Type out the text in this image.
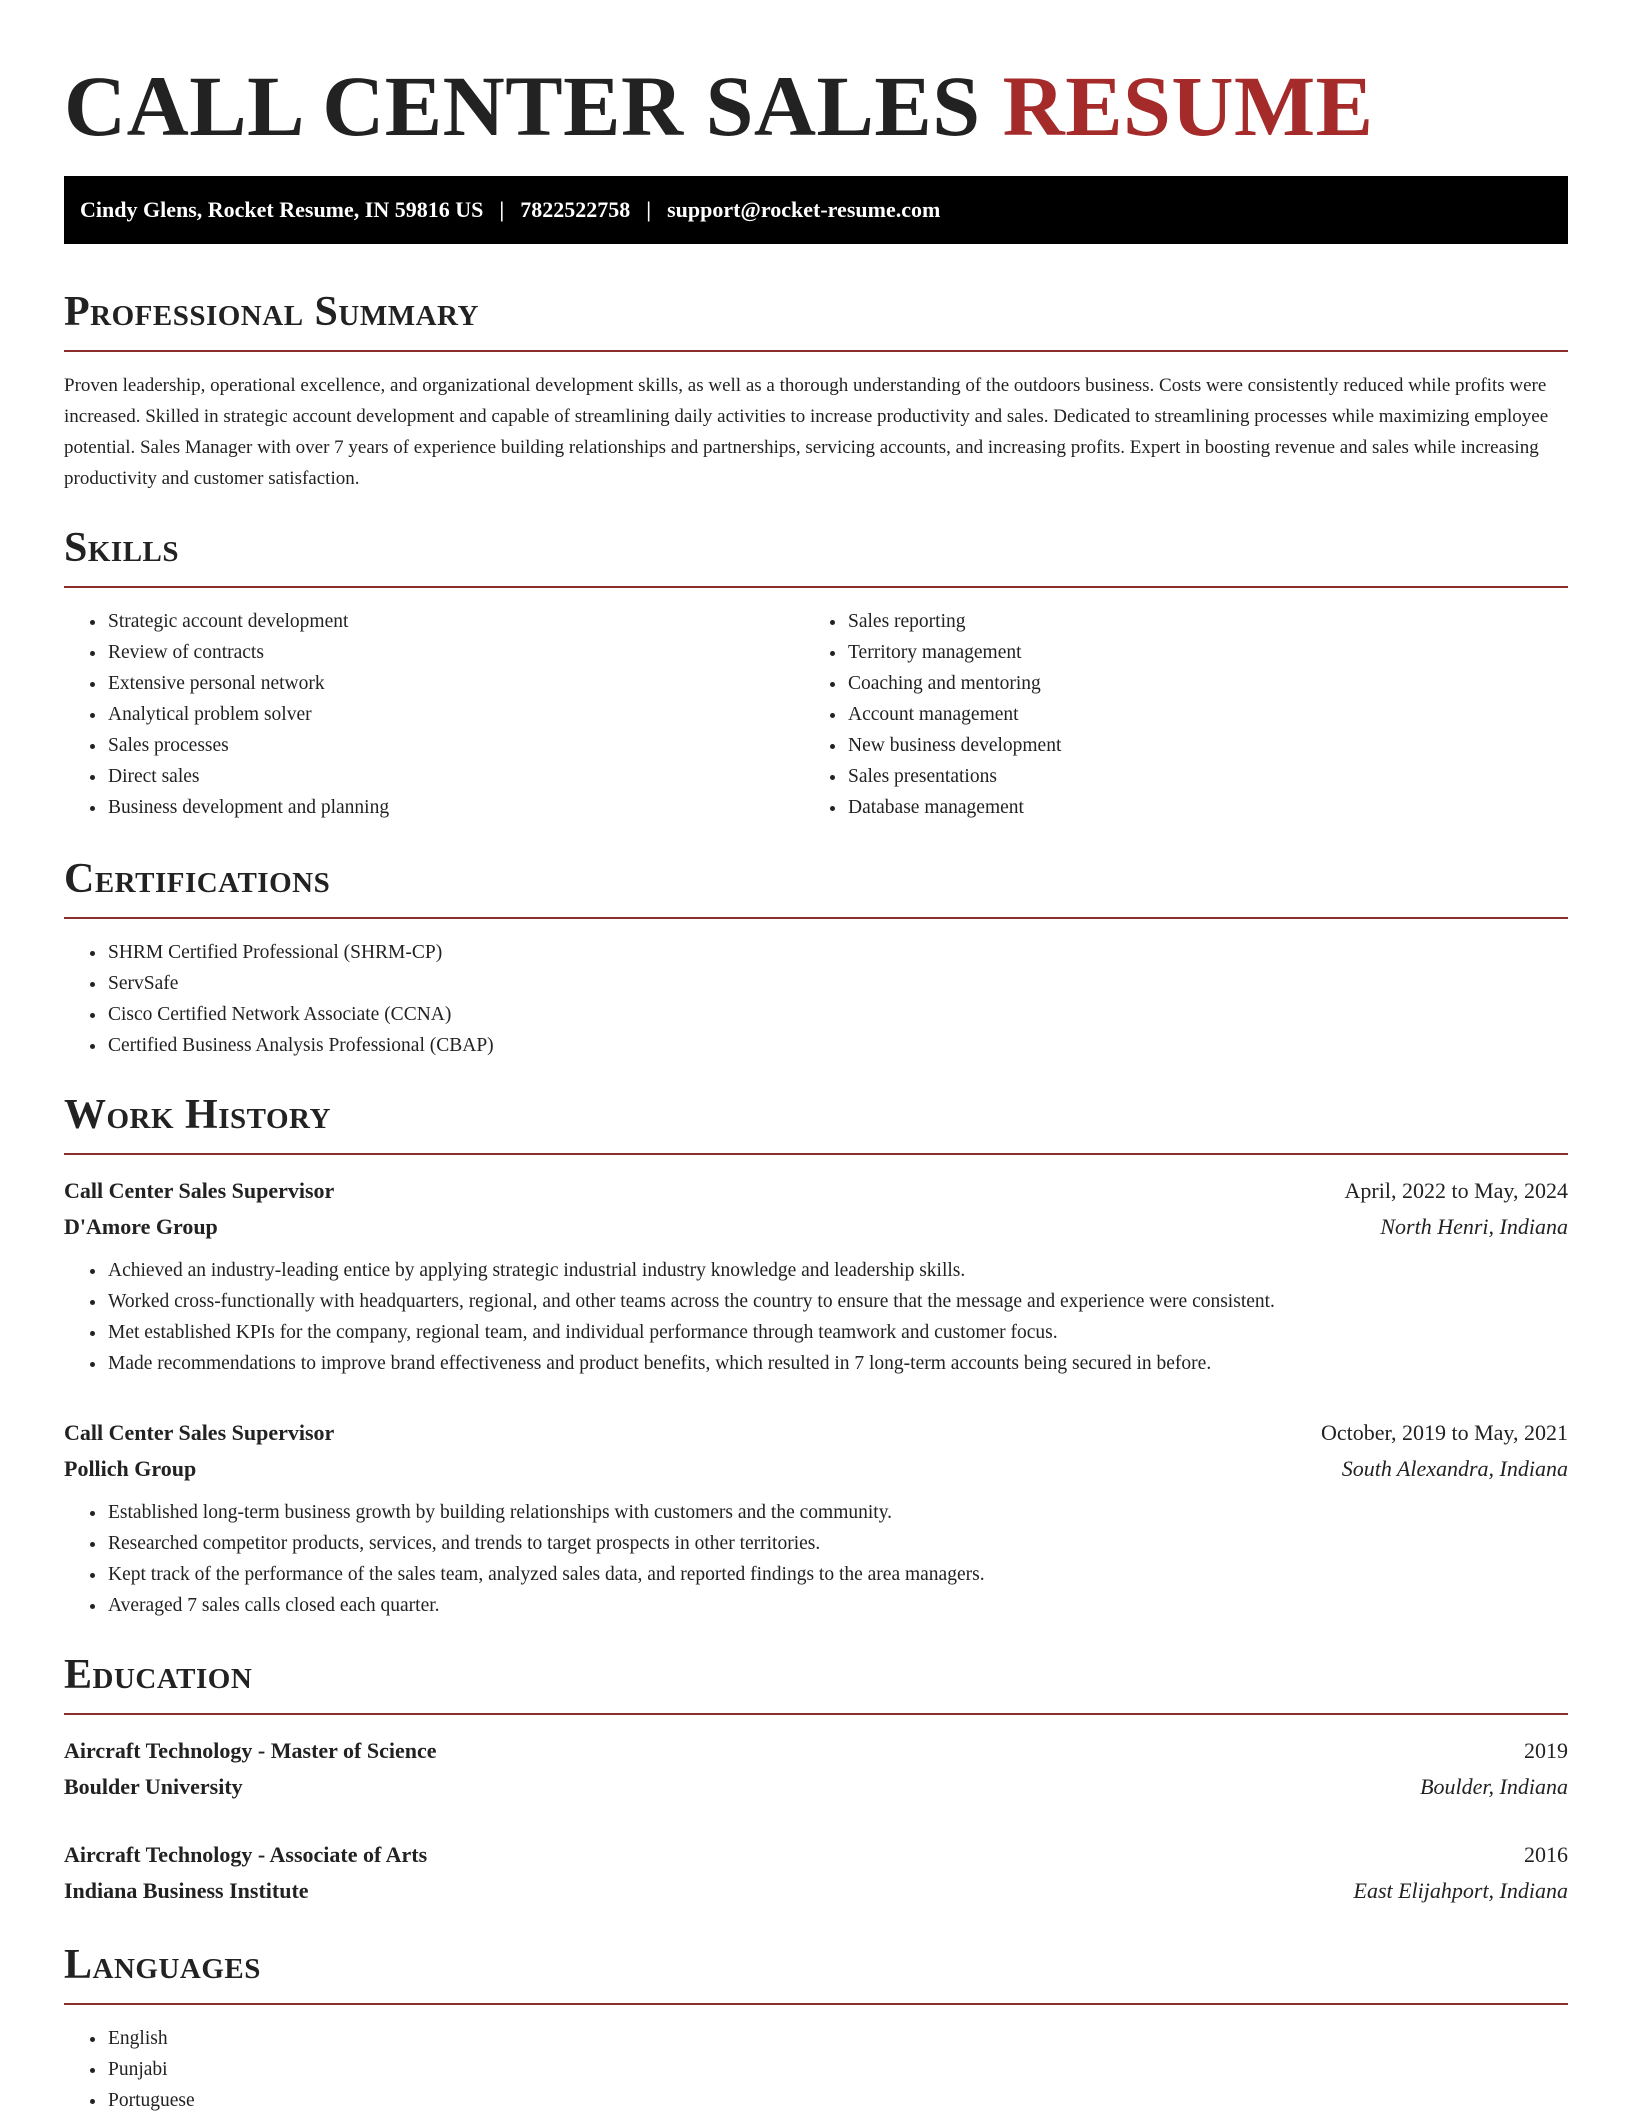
CALL CENTER SALES RESUME
Cindy Glens, Rocket Resume, IN 59816 US | 7822522758 | support@rocket-resume.com
Professional Summary

Proven leadership, operational excellence, and organizational development skills, as well as a thorough understanding of the outdoors business. Costs were consistently reduced while profits were increased. Skilled in strategic account development and capable of streamlining daily activities to increase productivity and sales. Dedicated to streamlining processes while maximizing employee potential. Sales Manager with over 7 years of experience building relationships and partnerships, servicing accounts, and increasing profits. Expert in boosting revenue and sales while increasing productivity and customer satisfaction.

Skills
• Strategic account development
• Review of contracts
• Extensive personal network
• Analytical problem solver
• Sales processes
• Direct sales
• Business development and planning
• Sales reporting
• Territory management
• Coaching and mentoring
• Account management
• New business development
• Sales presentations
• Database management
Certifications
• SHRM Certified Professional (SHRM-CP)
• ServSafe
• Cisco Certified Network Associate (CCNA)
• Certified Business Analysis Professional (CBAP)
Work History
Call Center Sales Supervisor	April, 2022 to May, 2024
D'Amore Group	North Henri, Indiana
• Achieved an industry-leading entice by applying strategic industrial industry knowledge and leadership skills.
• Worked cross-functionally with headquarters, regional, and other teams across the country to ensure that the message and experience were consistent.
• Met established KPIs for the company, regional team, and individual performance through teamwork and customer focus.
• Made recommendations to improve brand effectiveness and product benefits, which resulted in 7 long-term accounts being secured in before.
Call Center Sales Supervisor	October, 2019 to May, 2021
Pollich Group	South Alexandra, Indiana
• Established long-term business growth by building relationships with customers and the community.
• Researched competitor products, services, and trends to target prospects in other territories.
• Kept track of the performance of the sales team, analyzed sales data, and reported findings to the area managers.
• Averaged 7 sales calls closed each quarter.
Education
Aircraft Technology - Master of Science	2019
Boulder University	Boulder, Indiana
Aircraft Technology - Associate of Arts	2016
Indiana Business Institute	East Elijahport, Indiana
Languages
• English
• Punjabi
• Portuguese
